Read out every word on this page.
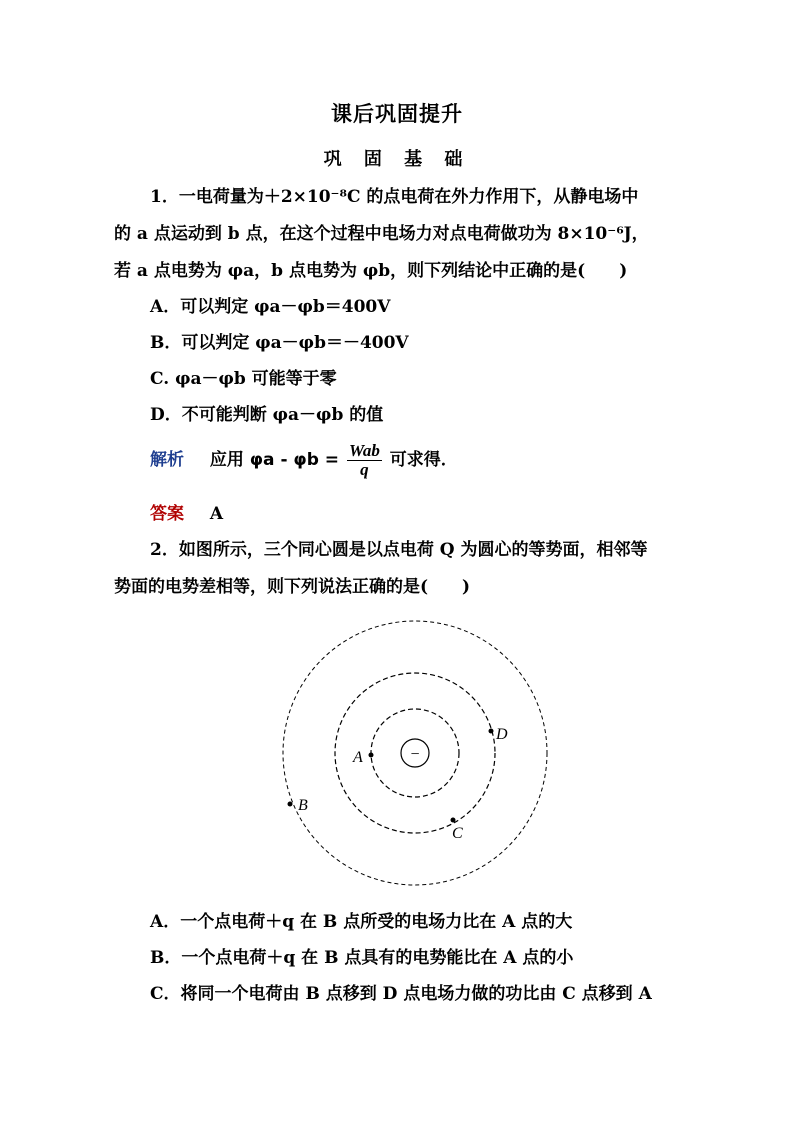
课后巩固提升
巩 固 基 础
1．一电荷量为＋2×10⁻⁸C 的点电荷在外力作用下，从静电场中
的 a 点运动到 b 点，在这个过程中电场力对点电荷做功为 8×10⁻⁶J，
若 a 点电势为 φa，b 点电势为 φb，则下列结论中正确的是(　　)
A．可以判定 φa－φb＝400V
B．可以判定 φa－φb＝－400V
C. φa－φb 可能等于零
D．不可能判断 φa－φb 的值
解析 应用 $\varphi a - \varphi b = \frac{\text{Wab}}{q}$ 可求得．
答案 A
2．如图所示，三个同心圆是以点电荷 Q 为圆心的等势面，相邻等
势面的电势差相等，则下列说法正确的是(　　)
−
A
B
C
D
A．一个点电荷＋q 在 B 点所受的电场力比在 A 点的大
B．一个点电荷＋q 在 B 点具有的电势能比在 A 点的小
C．将同一个电荷由 B 点移到 D 点电场力做的功比由 C 点移到 A
